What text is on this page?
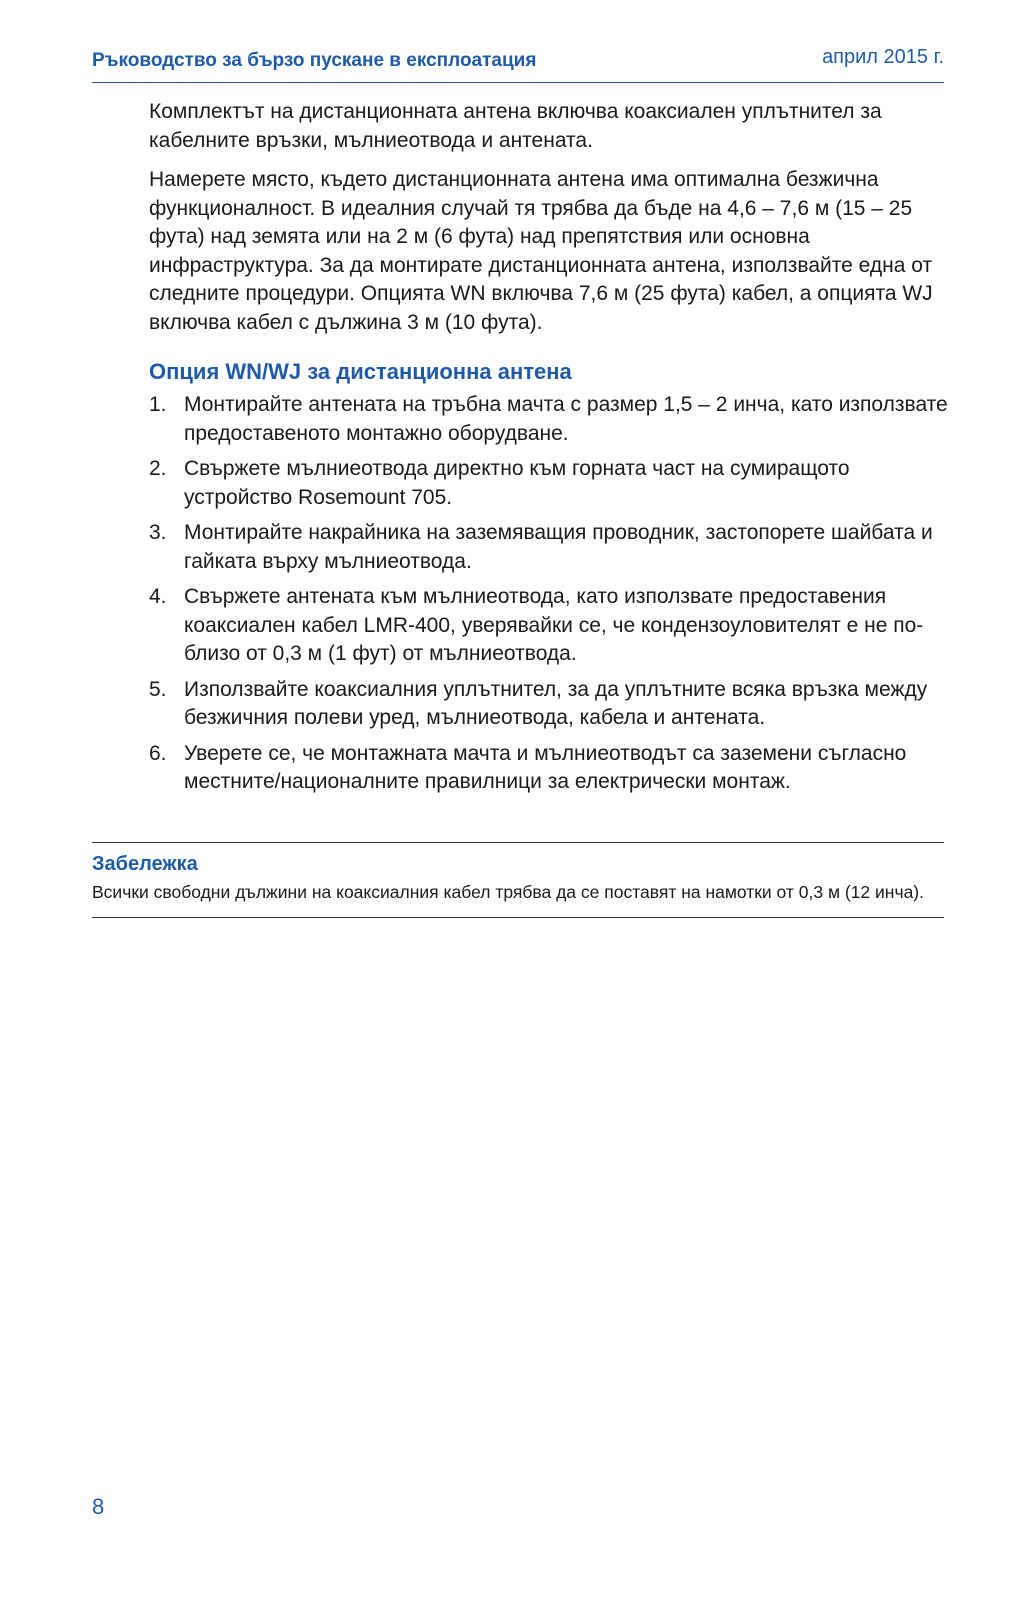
Ръководство за бързо пускане в експлоатация	април 2015 г.

Комплектът на дистанционната антена включва коаксиален уплътнител за кабелните връзки, мълниеотвода и антената.

Намерете място, където дистанционната антена има оптимална безжична функционалност. В идеалния случай тя трябва да бъде на 4,6 – 7,6 м (15 – 25 фута) над земята или на 2 м (6 фута) над препятствия или основна инфраструктура. За да монтирате дистанционната антена, използвайте една от следните процедури. Опцията WN включва 7,6 м (25 фута) кабел, а опцията WJ включва кабел с дължина 3 м (10 фута).

Опция WN/WJ за дистанционна антена
1. Монтирайте антената на тръбна мачта с размер 1,5 – 2 инча, като използвате предоставеното монтажно оборудване.
2. Свържете мълниеотвода директно към горната част на сумиращото устройство Rosemount 705.
3. Монтирайте накрайника на заземяващия проводник, застопорете шайбата и гайката върху мълниеотвода.
4. Свържете антената към мълниеотвода, като използвате предоставения коаксиален кабел LMR-400, уверявайки се, че кондензоуловителят е не по-близо от 0,3 м (1 фут) от мълниеотвода.
5. Използвайте коаксиалния уплътнител, за да уплътните всяка връзка между безжичния полеви уред, мълниеотвода, кабела и антената.
6. Уверете се, че монтажната мачта и мълниеотводът са заземени съгласно местните/националните правилници за електрически монтаж.
Забележка
Всички свободни дължини на коаксиалния кабел трябва да се поставят на намотки от 0,3 м (12 инча).
8
